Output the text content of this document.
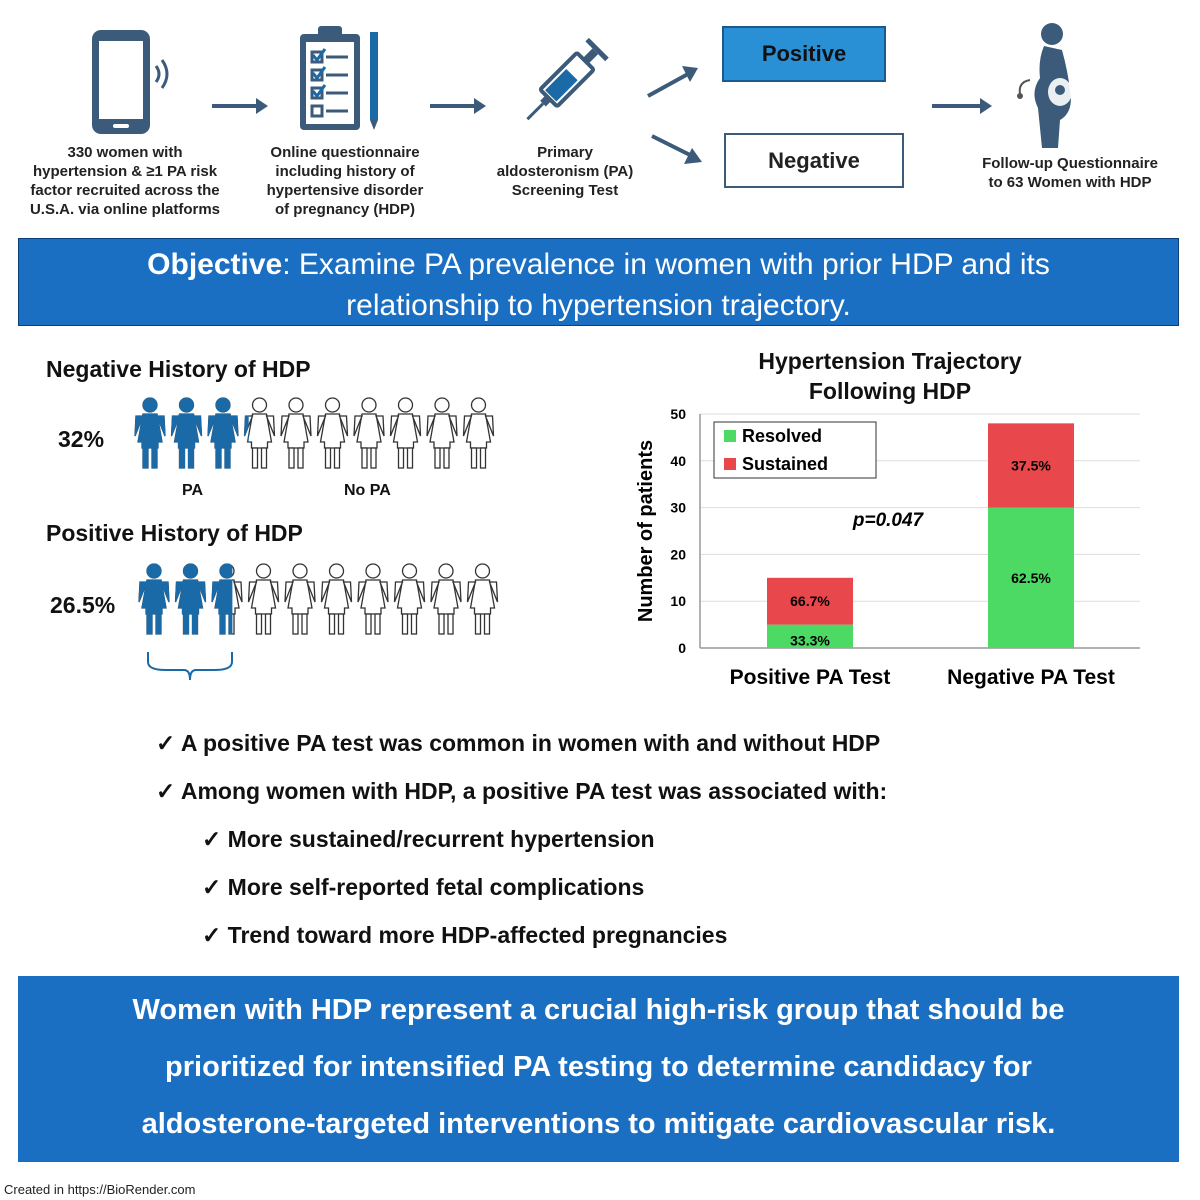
330 women with
hypertension & ≥1 PA risk
factor recruited across the
U.S.A. via online platforms
Online questionnaire
including history of
hypertensive disorder
of pregnancy (HDP)
Primary
aldosteronism (PA)
Screening Test
Positive
Negative	Follow-up Questionnaire
to 63 Women with HDP
Objective: Examine PA prevalence in women with prior HDP and its
relationship to hypertension trajectory.
Negative History of HDP
32%
PA	No PA
Positive History of HDP
26.5%
Hypertension Trajectory
Following HDP
0
10
20
30
40
50
Number of patients
33.3%
66.7%
Positive PA Test
62.5%
37.5%
Negative PA Test
Resolved
Sustained
p=0.047
✓ A positive PA test was common in women with and without HDP
✓ Among women with HDP, a positive PA test was associated with:
✓ More sustained/recurrent hypertension
✓ More self-reported fetal complications
✓ Trend toward more HDP-affected pregnancies
Women with HDP represent a crucial high-risk group that should be
prioritized for intensified PA testing to determine candidacy for
aldosterone-targeted interventions to mitigate cardiovascular risk.
Created in https://BioRender.com
